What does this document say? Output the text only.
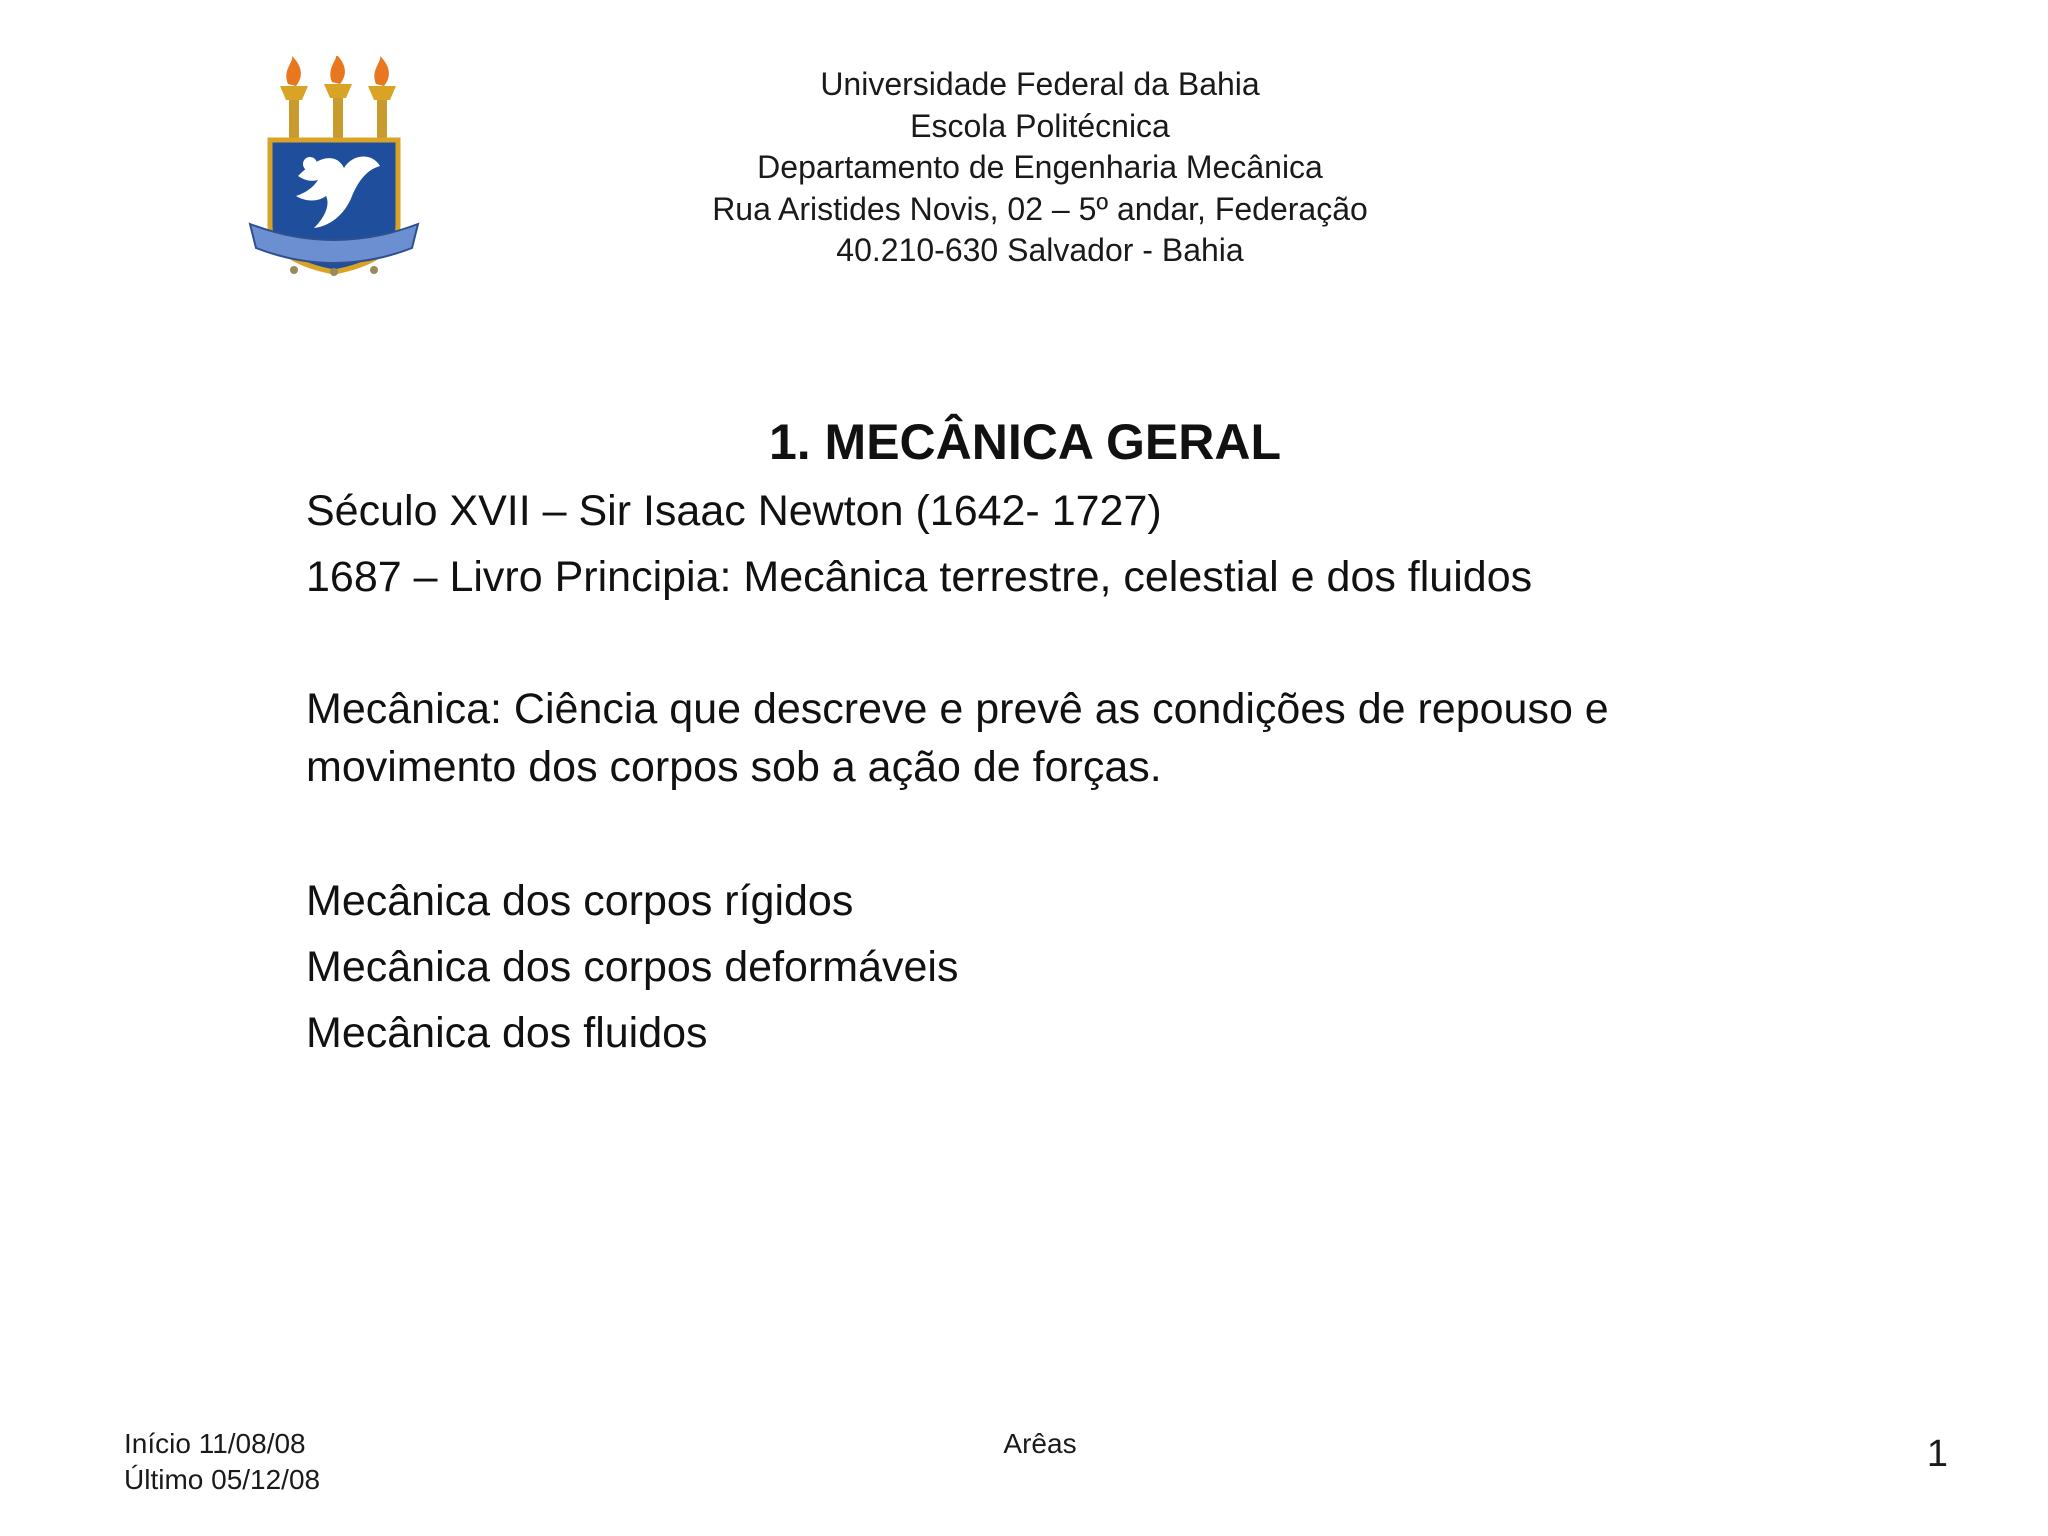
Universidade Federal da Bahia
Escola Politécnica
Departamento de Engenharia Mecânica
Rua Aristides Novis, 02 – 5º andar, Federação
40.210-630 Salvador - Bahia
1. MECÂNICA GERAL
Século XVII – Sir Isaac Newton (1642- 1727)
1687 – Livro Principia: Mecânica terrestre, celestial e dos fluidos
Mecânica: Ciência que descreve e prevê as condições de repouso e
movimento dos corpos sob a ação de forças.
Mecânica dos corpos rígidos
Mecânica dos corpos deformáveis
Mecânica dos fluidos
Início 11/08/08
Último 05/12/08
Arêas	1
